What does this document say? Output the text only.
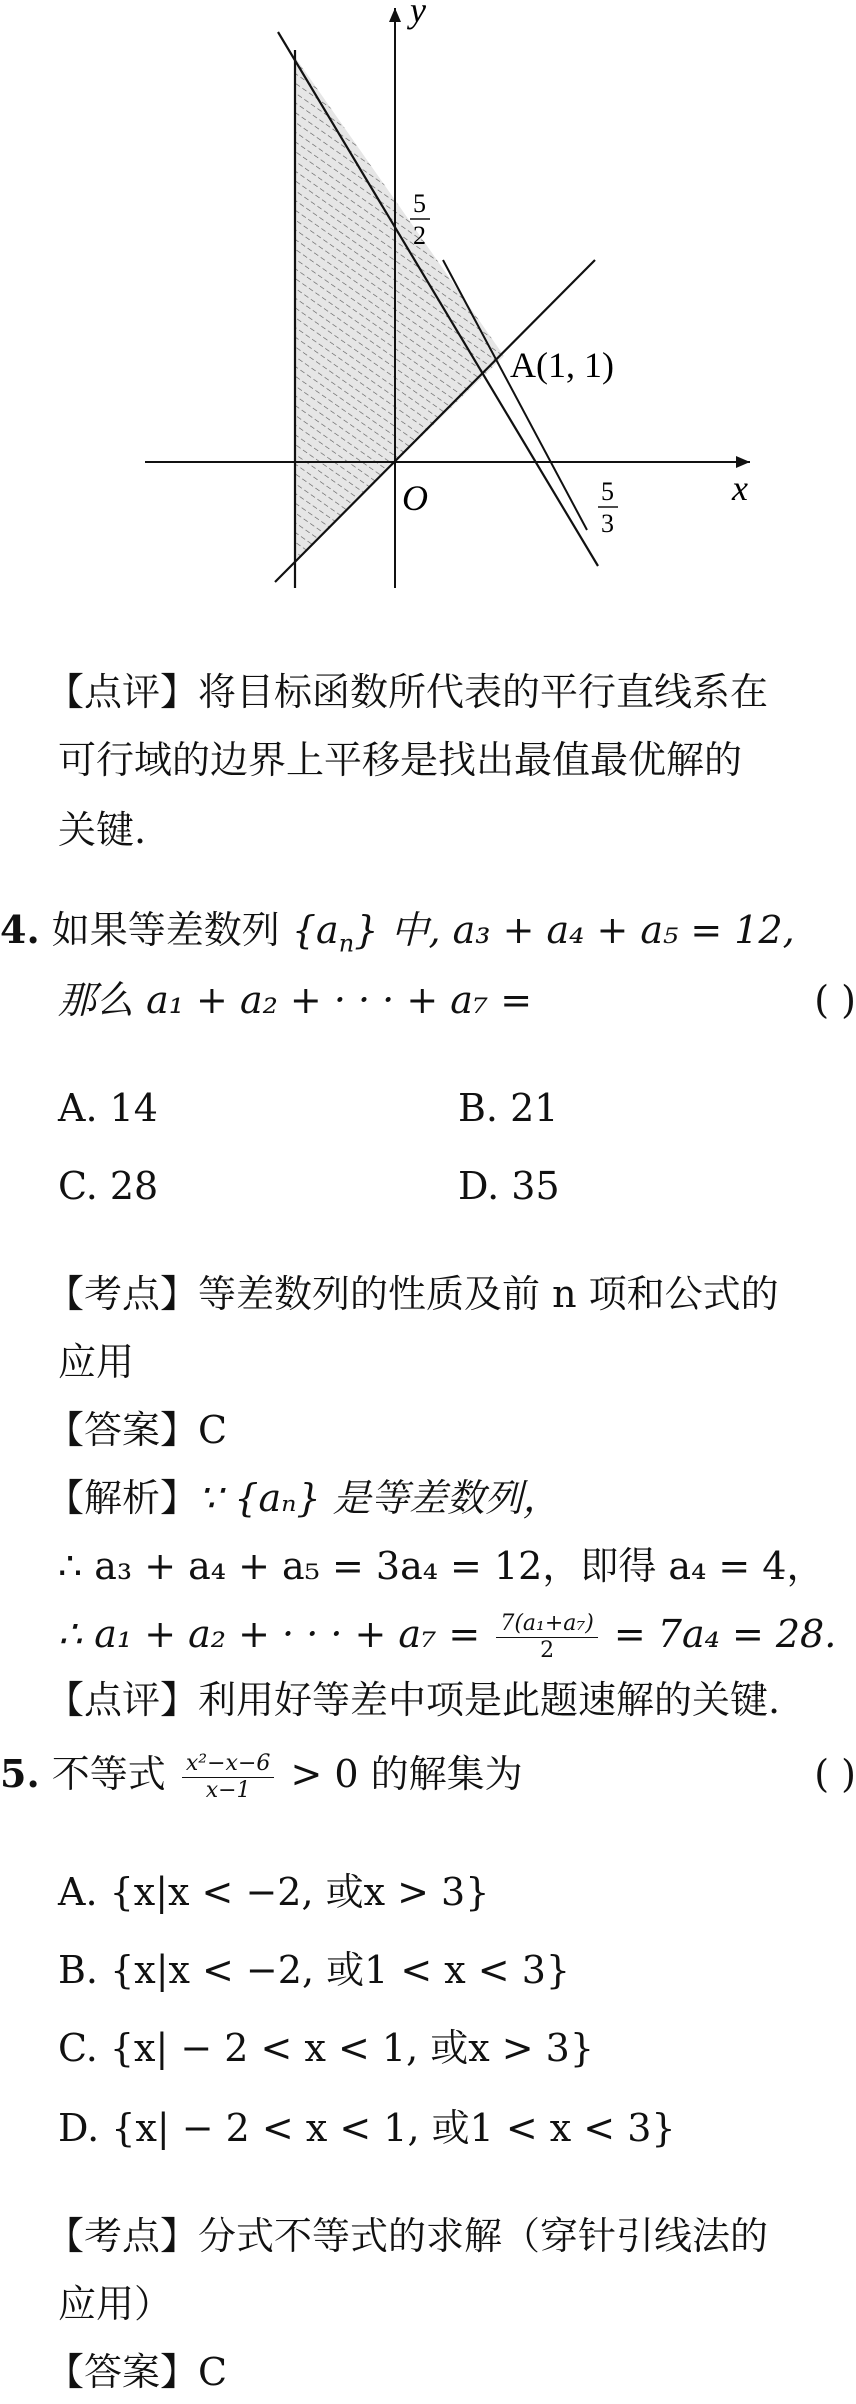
y
x
O
5
2
5
3
A(1, 1)
【点评】将目标函数所代表的平行直线系在
可行域的边界上平移是找出最值最优解的
关键.
4. 如果等差数列 $\{a_n\}$ 中, a₃ + a₄ + a₅ = 12,
那么 a₁ + a₂ + · · · + a₇ =	( )
A. 14	B. 21
C. 28	D. 35
【考点】等差数列的性质及前 n 项和公式的
应用
【答案】C
【解析】∵ {aₙ} 是等差数列，
∴ a₃ + a₄ + a₅ = 3a₄ = 12，即得 a₄ = 4，
∴ a₁ + a₂ + · · · + $a_7 = \frac{\text{7(a₁+a₇)}}{2} = 7a_4 = 28$.
【点评】利用好等差中项是此题速解的关键.
5. 不等式 $\frac{\text{x²−x−6}}{x-1} > 0$ 的解集为	( )
A. {x|x < −2, 或x > 3}
B. {x|x < −2, 或1 < x < 3}
C. {x| − 2 < x < 1, 或x > 3}
D. {x| − 2 < x < 1, 或1 < x < 3}
【考点】分式不等式的求解（穿针引线法的
应用）
【答案】C
